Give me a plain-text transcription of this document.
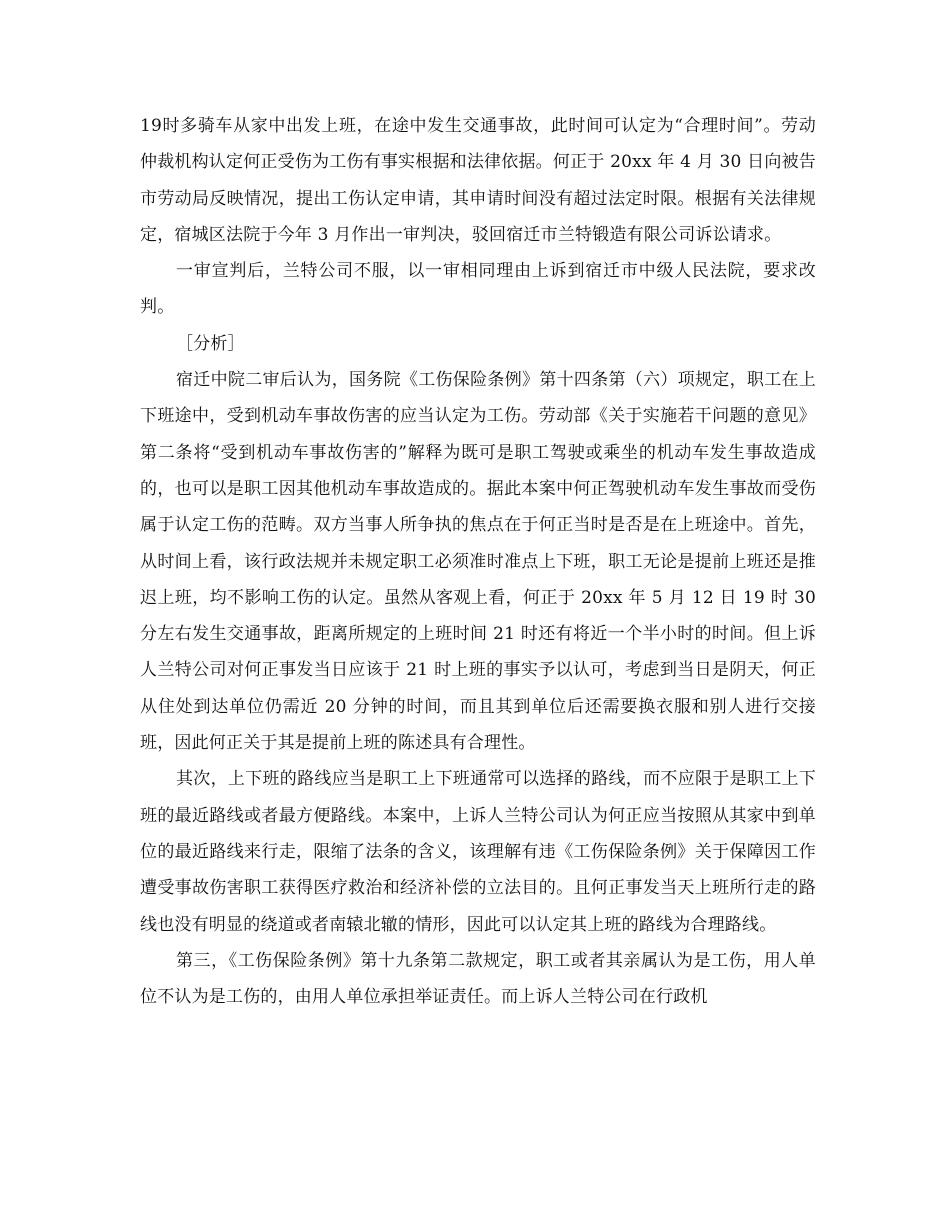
19时多骑车从家中出发上班，在途中发生交通事故，此时间可认定为“合理时间”。劳动仲裁机构认定何正受伤为工伤有事实根据和法律依据。何正于 20xx 年 4 月 30 日向被告市劳动局反映情况，提出工伤认定申请，其申请时间没有超过法定时限。根据有关法律规定，宿城区法院于今年 3 月作出一审判决，驳回宿迁市兰特锻造有限公司诉讼请求。

一审宣判后，兰特公司不服，以一审相同理由上诉到宿迁市中级人民法院，要求改判。

［分析］

宿迁中院二审后认为，国务院《工伤保险条例》第十四条第（六）项规定，职工在上下班途中，受到机动车事故伤害的应当认定为工伤。劳动部《关于实施若干问题的意见》第二条将“受到机动车事故伤害的”解释为既可是职工驾驶或乘坐的机动车发生事故造成的，也可以是职工因其他机动车事故造成的。据此本案中何正驾驶机动车发生事故而受伤属于认定工伤的范畴。双方当事人所争执的焦点在于何正当时是否是在上班途中。首先，从时间上看，该行政法规并未规定职工必须准时准点上下班，职工无论是提前上班还是推迟上班，均不影响工伤的认定。虽然从客观上看，何正于 20xx 年 5 月 12 日 19 时 30 分左右发生交通事故，距离所规定的上班时间 21 时还有将近一个半小时的时间。但上诉人兰特公司对何正事发当日应该于 21 时上班的事实予以认可，考虑到当日是阴天，何正从住处到达单位仍需近 20 分钟的时间，而且其到单位后还需要换衣服和别人进行交接班，因此何正关于其是提前上班的陈述具有合理性。

其次，上下班的路线应当是职工上下班通常可以选择的路线，而不应限于是职工上下班的最近路线或者最方便路线。本案中，上诉人兰特公司认为何正应当按照从其家中到单位的最近路线来行走，限缩了法条的含义，该理解有违《工伤保险条例》关于保障因工作遭受事故伤害职工获得医疗救治和经济补偿的立法目的。且何正事发当天上班所行走的路线也没有明显的绕道或者南辕北辙的情形，因此可以认定其上班的路线为合理路线。

第三，《工伤保险条例》第十九条第二款规定，职工或者其亲属认为是工伤，用人单位不认为是工伤的，由用人单位承担举证责任。而上诉人兰特公司在行政机
